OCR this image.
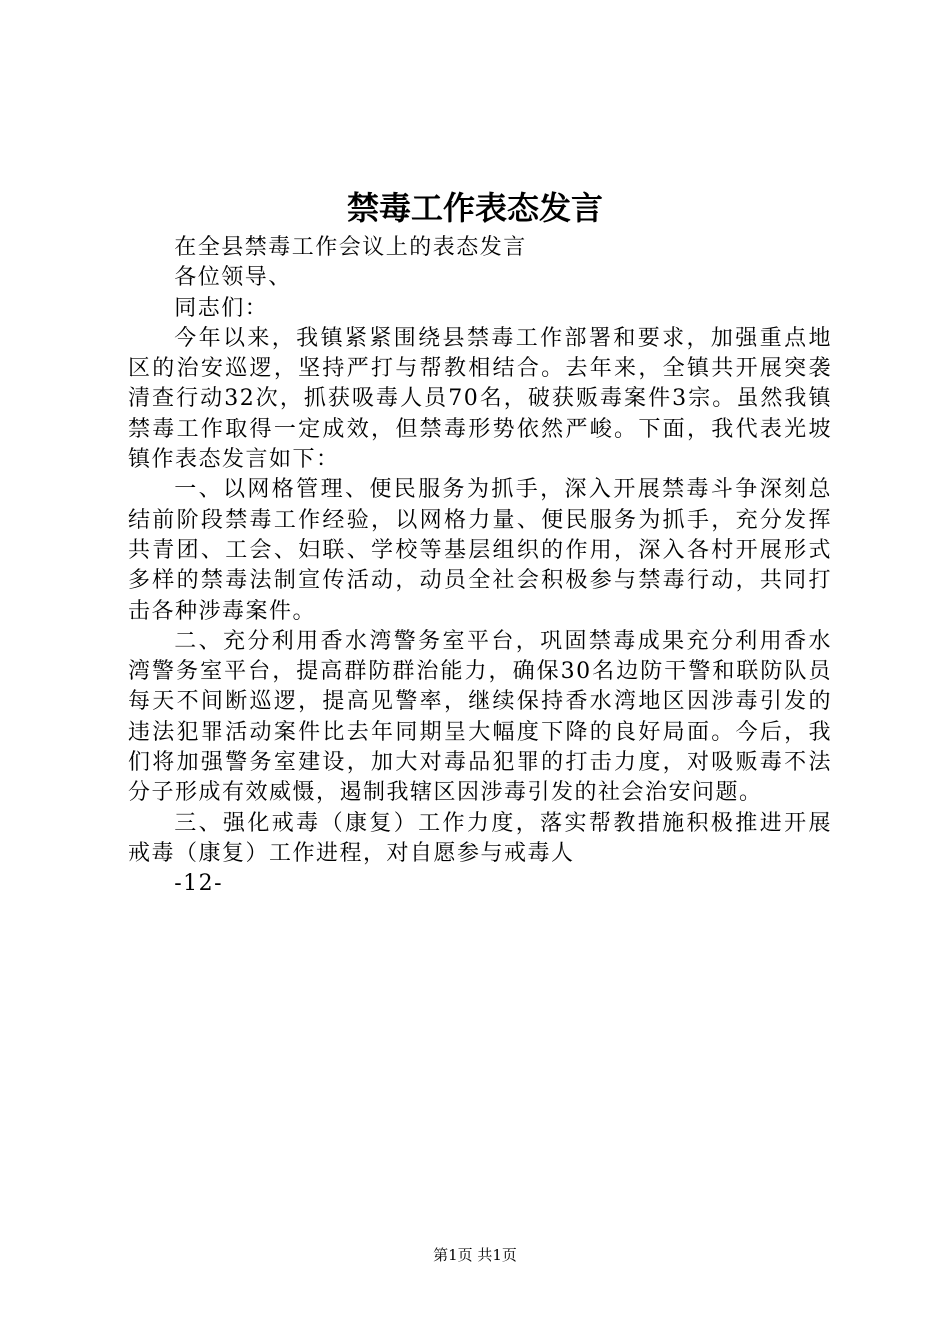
禁毒工作表态发言

在全县禁毒工作会议上的表态发言

各位领导、

同志们：

今年以来，我镇紧紧围绕县禁毒工作部署和要求，加强重点地区的治安巡逻，坚持严打与帮教相结合。去年来，全镇共开展突袭清查行动32次，抓获吸毒人员70名，破获贩毒案件3宗。虽然我镇禁毒工作取得一定成效，但禁毒形势依然严峻。下面，我代表光坡镇作表态发言如下：

一、以网格管理、便民服务为抓手，深入开展禁毒斗争深刻总结前阶段禁毒工作经验，以网格力量、便民服务为抓手，充分发挥共青团、工会、妇联、学校等基层组织的作用，深入各村开展形式多样的禁毒法制宣传活动，动员全社会积极参与禁毒行动，共同打击各种涉毒案件。

二、充分利用香水湾警务室平台，巩固禁毒成果充分利用香水湾警务室平台，提高群防群治能力，确保30名边防干警和联防队员每天不间断巡逻，提高见警率，继续保持香水湾地区因涉毒引发的违法犯罪活动案件比去年同期呈大幅度下降的良好局面。今后，我们将加强警务室建设，加大对毒品犯罪的打击力度，对吸贩毒不法分子形成有效威慑，遏制我辖区因涉毒引发的社会治安问题。

三、强化戒毒（康复）工作力度，落实帮教措施积极推进开展戒毒（康复）工作进程，对自愿参与戒毒人

-12-

第1页 共1页
